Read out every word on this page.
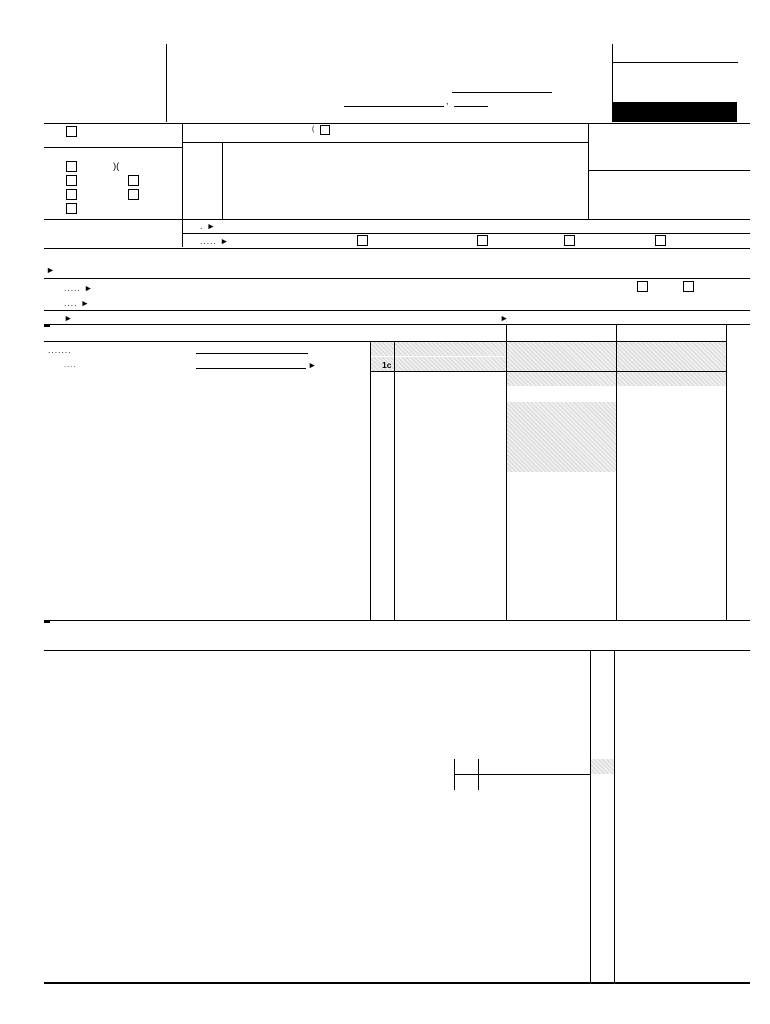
,
)(
(
. ►
..... ►
►
..... ►
.... ►
►	►
.......
....	►	1c
